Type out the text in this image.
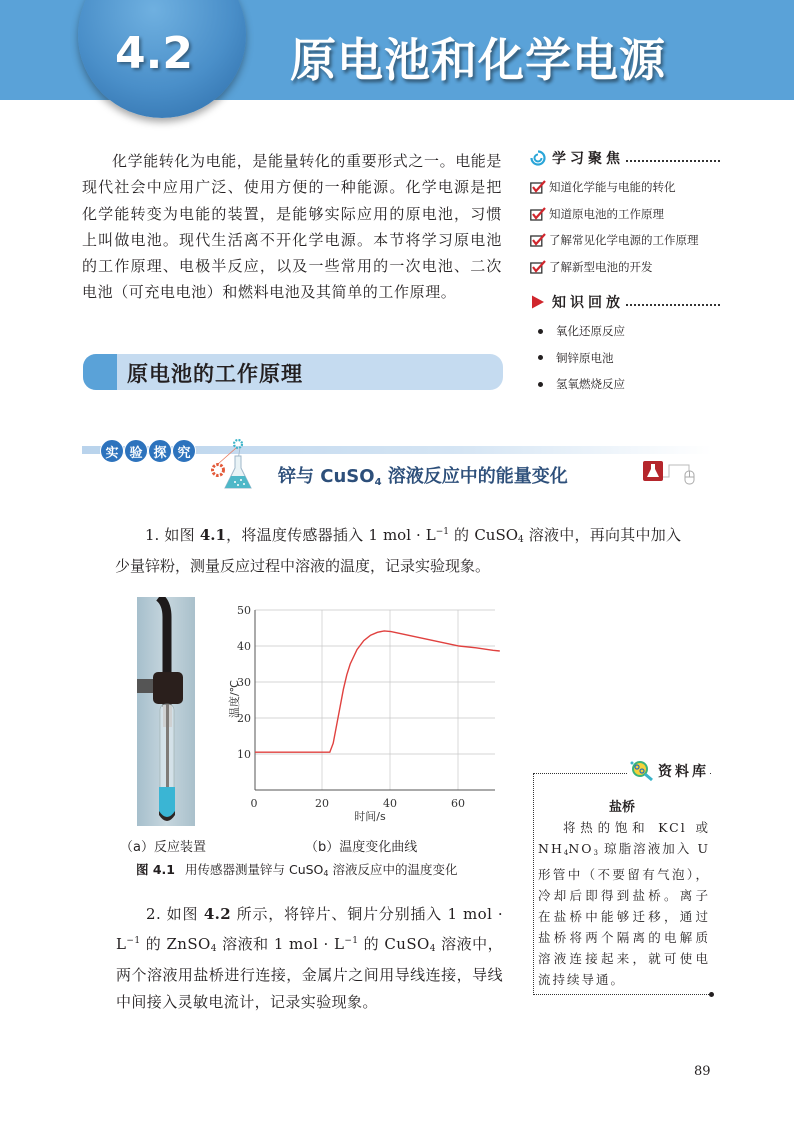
4.2	原电池和化学电源

化学能转化为电能，是能量转化的重要形式之一。电能是现代社会中应用广泛、使用方便的一种能源。化学电源是把化学能转变为电能的装置，是能够实际应用的原电池，习惯上叫做电池。现代生活离不开化学电源。本节将学习原电池的工作原理、电极半反应，以及一些常用的一次电池、二次电池（可充电电池）和燃料电池及其简单的工作原理。

学习聚焦
知道化学能与电能的转化
知道原电池的工作原理
了解常见化学电源的工作原理
了解新型电池的开发
知识回放
氧化还原反应
铜锌原电池
氢氧燃烧反应
原电池的工作原理
实 验 探 究
锌与 CuSO$_4$ 溶液反应中的能量变化

1. 如图 4.1，将温度传感器插入 1 mol · $L^{-1}$ 的 CuSO$_4$ 溶液中，再向其中加入少量锌粉，测量反应过程中溶液的温度，记录实验现象。

50
40
30
20
10
0	20	40	60
时间/s
温度/℃
（a）反应装置	（b）温度变化曲线
图 4.1 用传感器测量锌与 CuSO$_4$ 溶液反应中的温度变化

2. 如图 4.2 所示，将锌片、铜片分别插入 1 mol · $L^{-1}$ 的 ZnSO$_4$ 溶液和 1 mol · $L^{-1}$ 的 CuSO$_4$ 溶液中，两个溶液用盐桥进行连接，金属片之间用导线连接，导线中间接入灵敏电流计，记录实验现象。

资料库
盐桥

将热的饱和 KCl 或 $NH_4NO_3$ 琼脂溶液加入 U 形管中（不要留有气泡），冷却后即得到盐桥。离子在盐桥中能够迁移，通过盐桥将两个隔离的电解质溶液连接起来，就可使电流持续导通。

89
